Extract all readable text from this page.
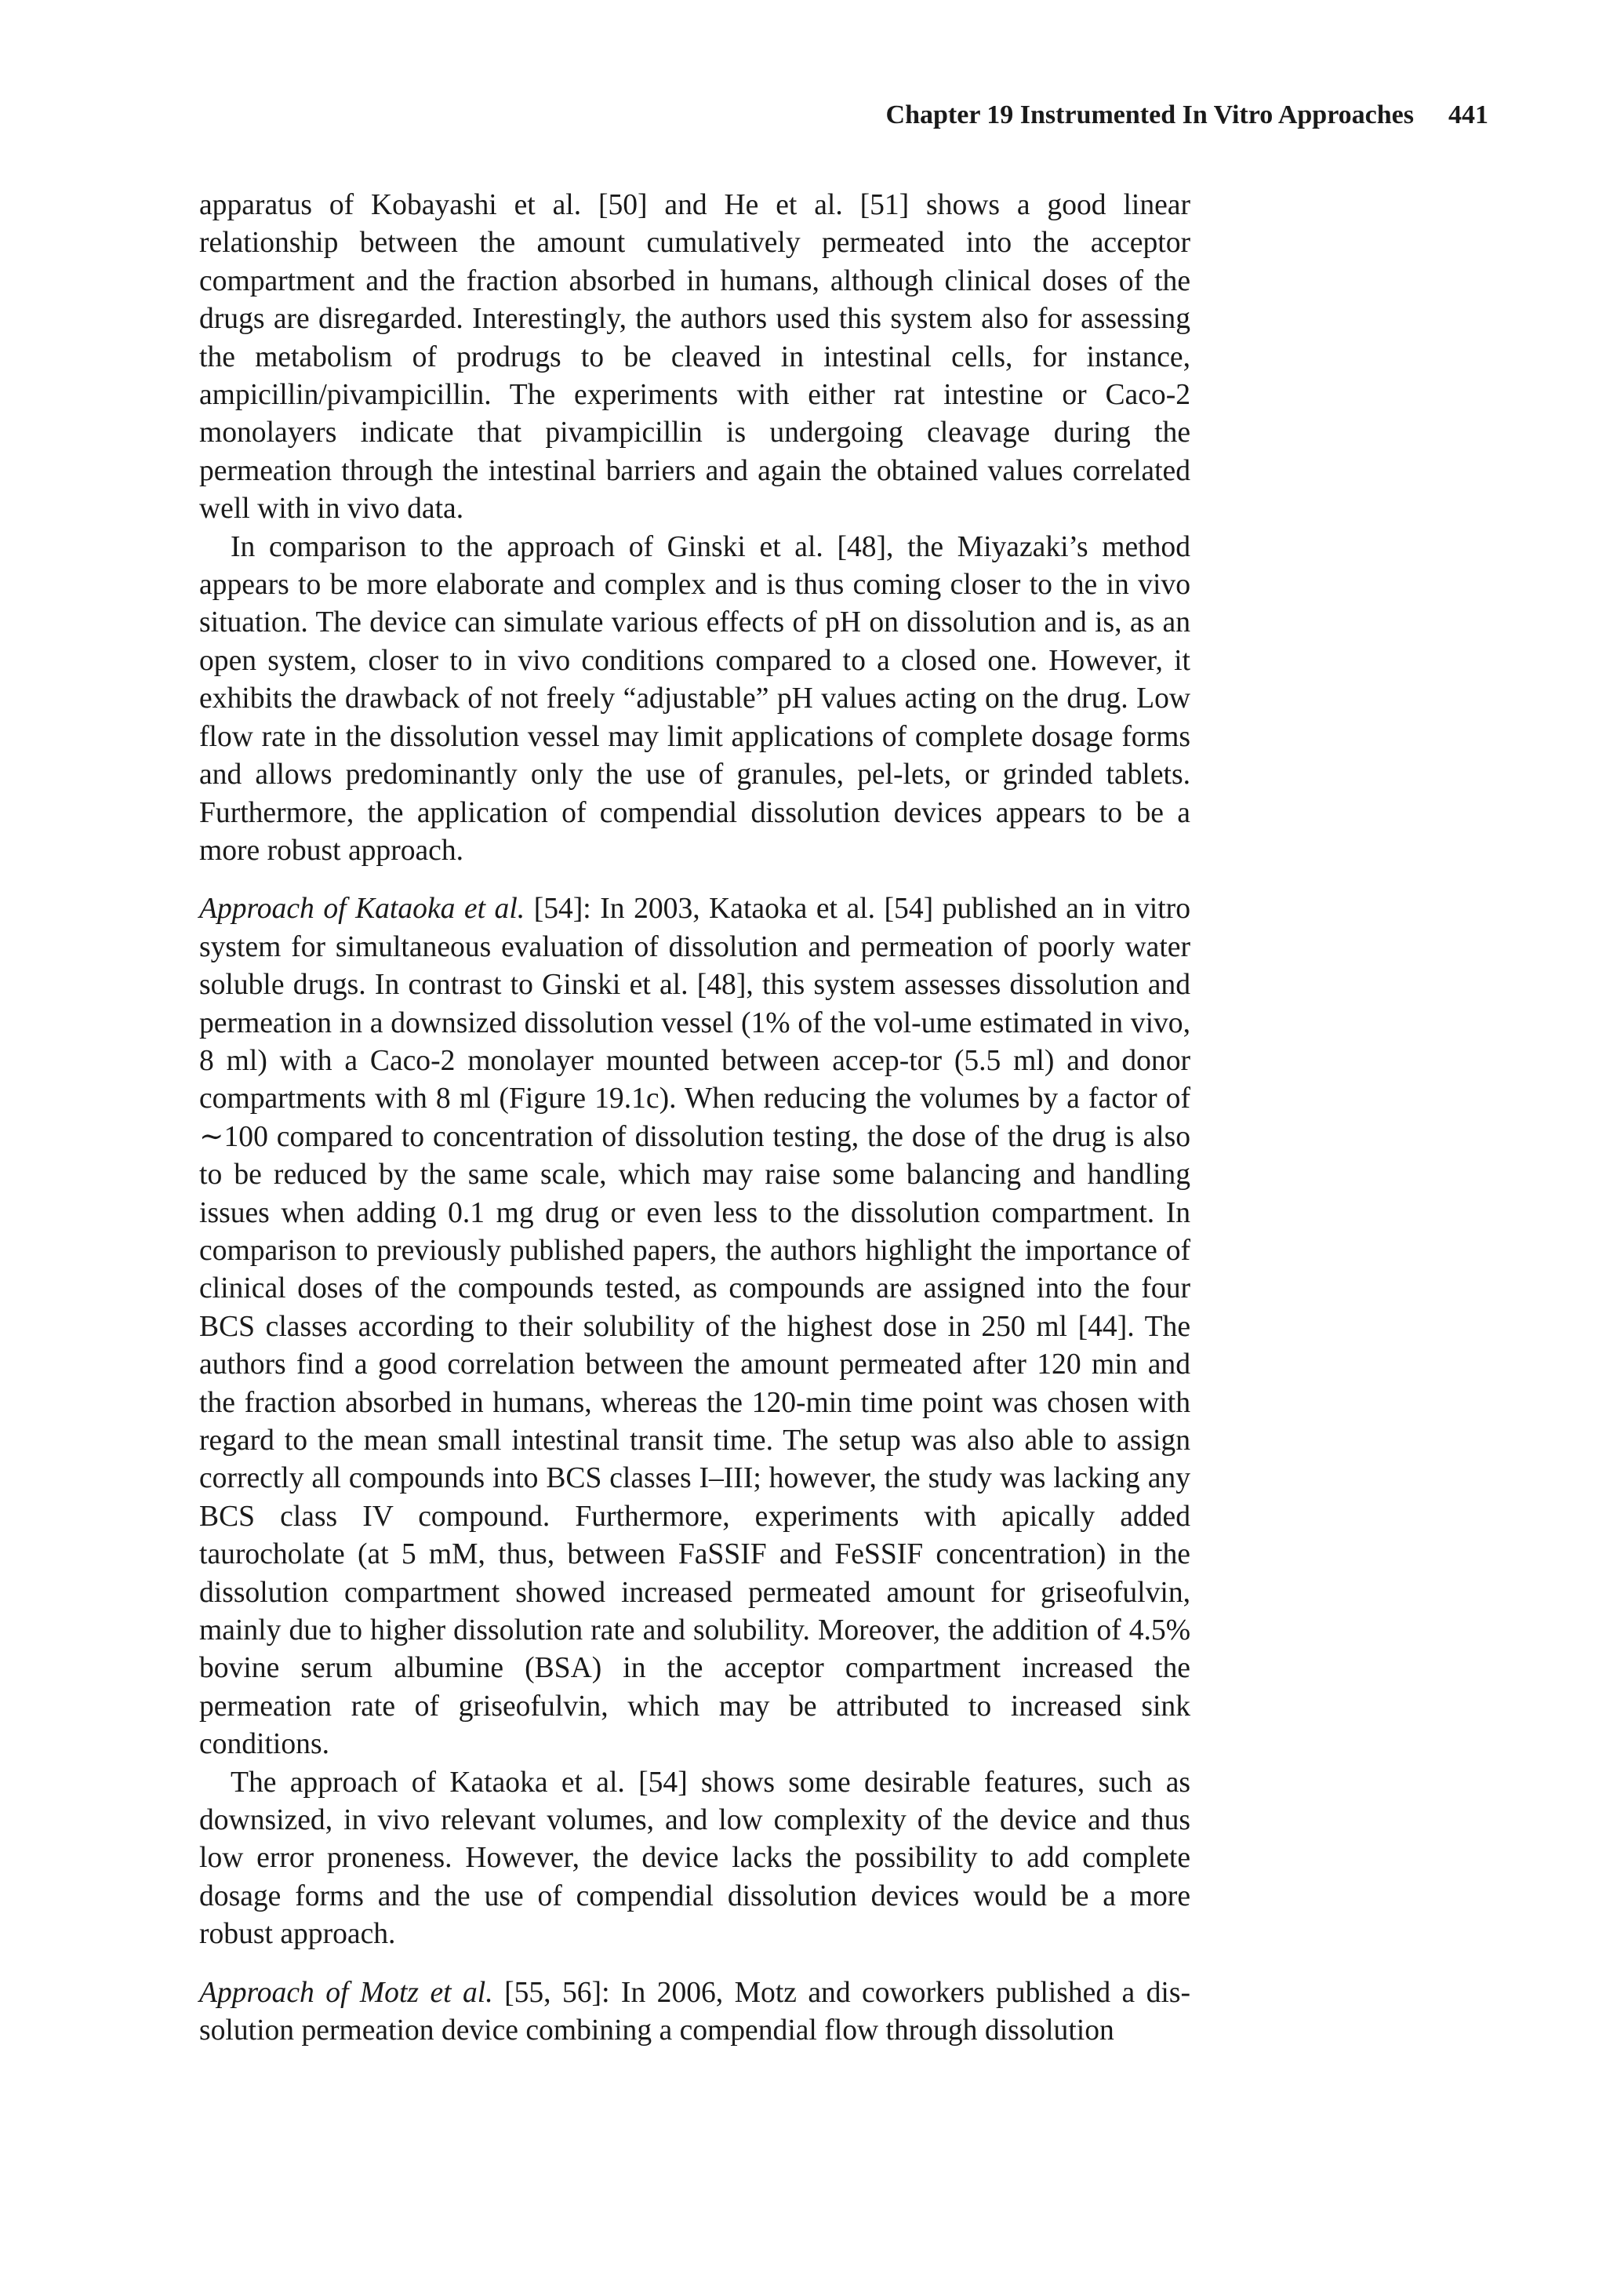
Chapter 19 Instrumented In Vitro Approaches 441

apparatus of Kobayashi et al. [50] and He et al. [51] shows a good linear relationship between the amount cumulatively permeated into the acceptor compartment and the fraction absorbed in humans, although clinical doses of the drugs are disregarded. Interestingly, the authors used this system also for assessing the metabolism of prodrugs to be cleaved in intestinal cells, for instance, ampicillin/pivampicillin. The experiments with either rat intestine or Caco-2 monolayers indicate that pivampicillin is undergoing cleavage during the permeation through the intestinal barriers and again the obtained values correlated well with in vivo data.

In comparison to the approach of Ginski et al. [48], the Miyazaki’s method appears to be more elaborate and complex and is thus coming closer to the in vivo situation. The device can simulate various effects of pH on dissolution and is, as an open system, closer to in vivo conditions compared to a closed one. However, it exhibits the drawback of not freely “adjustable” pH values acting on the drug. Low flow rate in the dissolution vessel may limit applications of complete dosage forms and allows predominantly only the use of granules, pel-lets, or grinded tablets. Furthermore, the application of compendial dissolution devices appears to be a more robust approach.

Approach of Kataoka et al. [54]: In 2003, Kataoka et al. [54] published an in vitro system for simultaneous evaluation of dissolution and permeation of poorly water soluble drugs. In contrast to Ginski et al. [48], this system assesses dissolution and permeation in a downsized dissolution vessel (1% of the vol-ume estimated in vivo, 8 ml) with a Caco-2 monolayer mounted between accep-tor (5.5 ml) and donor compartments with 8 ml (Figure 19.1c). When reducing the volumes by a factor of ∼100 compared to concentration of dissolution testing, the dose of the drug is also to be reduced by the same scale, which may raise some balancing and handling issues when adding 0.1 mg drug or even less to the dissolution compartment. In comparison to previously published papers, the authors highlight the importance of clinical doses of the compounds tested, as compounds are assigned into the four BCS classes according to their solubility of the highest dose in 250 ml [44]. The authors find a good correlation between the amount permeated after 120 min and the fraction absorbed in humans, whereas the 120-min time point was chosen with regard to the mean small intestinal transit time. The setup was also able to assign correctly all compounds into BCS classes I–III; however, the study was lacking any BCS class IV compound. Furthermore, experiments with apically added taurocholate (at 5 mM, thus, between FaSSIF and FeSSIF concentration) in the dissolution compartment showed increased permeated amount for griseofulvin, mainly due to higher dissolution rate and solubility. Moreover, the addition of 4.5% bovine serum albumine (BSA) in the acceptor compartment increased the permeation rate of griseofulvin, which may be attributed to increased sink conditions.

The approach of Kataoka et al. [54] shows some desirable features, such as downsized, in vivo relevant volumes, and low complexity of the device and thus low error proneness. However, the device lacks the possibility to add complete dosage forms and the use of compendial dissolution devices would be a more robust approach.

Approach of Motz et al. [55, 56]: In 2006, Motz and coworkers published a dis-solution permeation device combining a compendial flow through dissolution
